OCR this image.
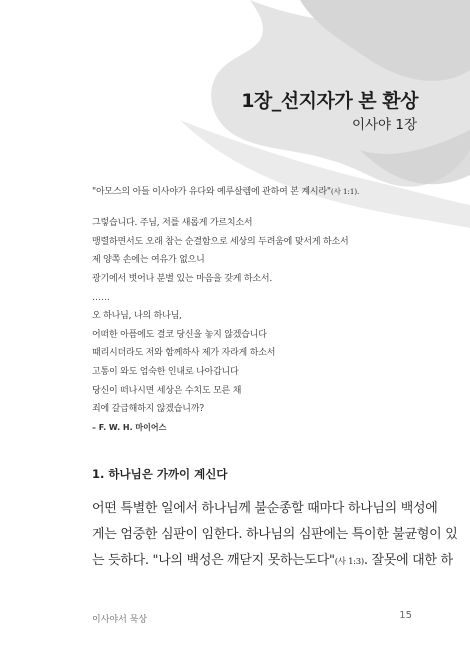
1장_선지자가 본 환상
이사야 1장
"아모스의 아들 이사야가 유다와 예루살렘에 관하여 본 계시라"(사 1:1).
그렇습니다. 주님, 저를 새롭게 가르치소서
맹렬하면서도 오래 참는 순결함으로 세상의 두려움에 맞서게 하소서
제 양쪽 손에는 여유가 없으니
광기에서 벗어나 분별 있는 마음을 갖게 하소서.
……
오 하나님, 나의 하나님,
어떠한 아픔에도 결코 당신을 놓지 않겠습니다
때리시더라도 저와 함께하사 제가 자라게 하소서
고통이 와도 엄숙한 인내로 나아갑니다
당신이 떠나시면 세상은 수치도 모른 채
죄에 갈급해하지 않겠습니까?
– F. W. H. 마이어스
1. 하나님은 가까이 계신다
어떤 특별한 일에서 하나님께 불순종할 때마다 하나님의 백성에
게는 엄중한 심판이 임한다. 하나님의 심판에는 특이한 불균형이 있
는 듯하다. "나의 백성은 깨닫지 못하는도다"(사 1:3). 잘못에 대한 하
이사야서 묵상	15
